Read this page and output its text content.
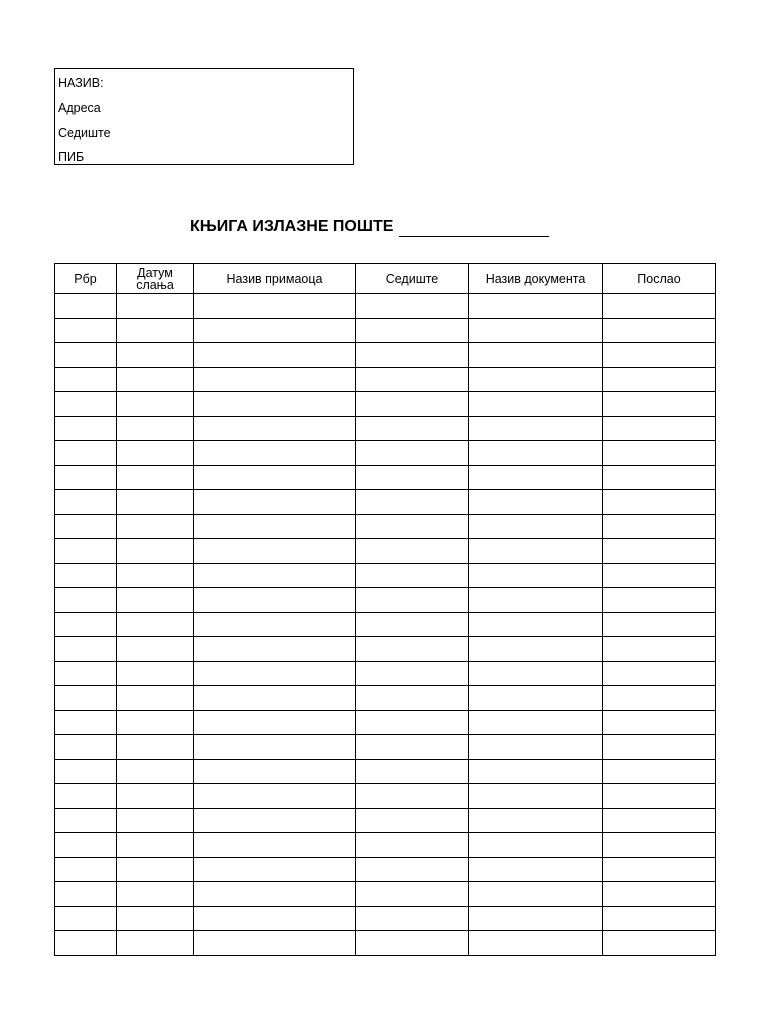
НАЗИВ:
Адреса
Седиште
ПИБ
КЊИГА ИЗЛАЗНЕ ПОШТЕ
Рбр	Датум слања	Назив примаоца	Седиште	Назив документа	Послао
